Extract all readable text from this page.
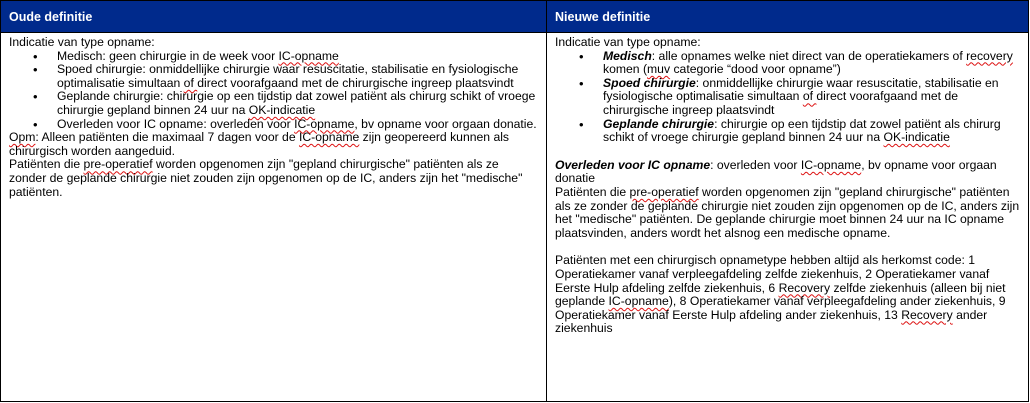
Oude definitie

Indicatie van type opname:

• Medisch: geen chirurgie in de week voor IC-opname
• Spoed chirurgie: onmiddellijke chirurgie waar resuscitatie, stabilisatie en fysiologische optimalisatie simultaan of direct voorafgaand met de chirurgische ingreep plaatsvindt
• Geplande chirurgie: chirurgie op een tijdstip dat zowel patiënt als chirurg schikt of vroege chirurgie gepland binnen 24 uur na OK-indicatie
• Overleden voor IC opname: overleden voor IC-opname, bv opname voor orgaan donatie.

Opm: Alleen patiënten die maximaal 7 dagen voor de IC-opname zijn geopereerd kunnen als chirurgisch worden aangeduid.

Patiënten die pre-operatief worden opgenomen zijn "gepland chirurgische" patiënten als ze zonder de geplande chirurgie niet zouden zijn opgenomen op de IC, anders zijn het "medische" patiënten.

Nieuwe definitie

Indicatie van type opname:

• Medisch: alle opnames welke niet direct van de operatiekamers of recovery komen (muv categorie “dood voor opname”)
• Spoed chirurgie: onmiddellijke chirurgie waar resuscitatie, stabilisatie en fysiologische optimalisatie simultaan of direct voorafgaand met de chirurgische ingreep plaatsvindt
• Geplande chirurgie: chirurgie op een tijdstip dat zowel patiënt als chirurg schikt of vroege chirurgie gepland binnen 24 uur na OK-indicatie

Overleden voor IC opname: overleden voor IC-opname, bv opname voor orgaan donatie

Patiënten die pre-operatief worden opgenomen zijn "gepland chirurgische" patiënten als ze zonder de geplande chirurgie niet zouden zijn opgenomen op de IC, anders zijn het "medische" patiënten. De geplande chirurgie moet binnen 24 uur na IC opname plaatsvinden, anders wordt het alsnog een medische opname.

Patiënten met een chirurgisch opnametype hebben altijd als herkomst code: 1 Operatiekamer vanaf verpleegafdeling zelfde ziekenhuis, 2 Operatiekamer vanaf Eerste Hulp afdeling zelfde ziekenhuis, 6 Recovery zelfde ziekenhuis (alleen bij niet geplande IC-opname), 8 Operatiekamer vanaf verpleegafdeling ander ziekenhuis, 9 Operatiekamer vanaf Eerste Hulp afdeling ander ziekenhuis, 13 Recovery ander ziekenhuis
